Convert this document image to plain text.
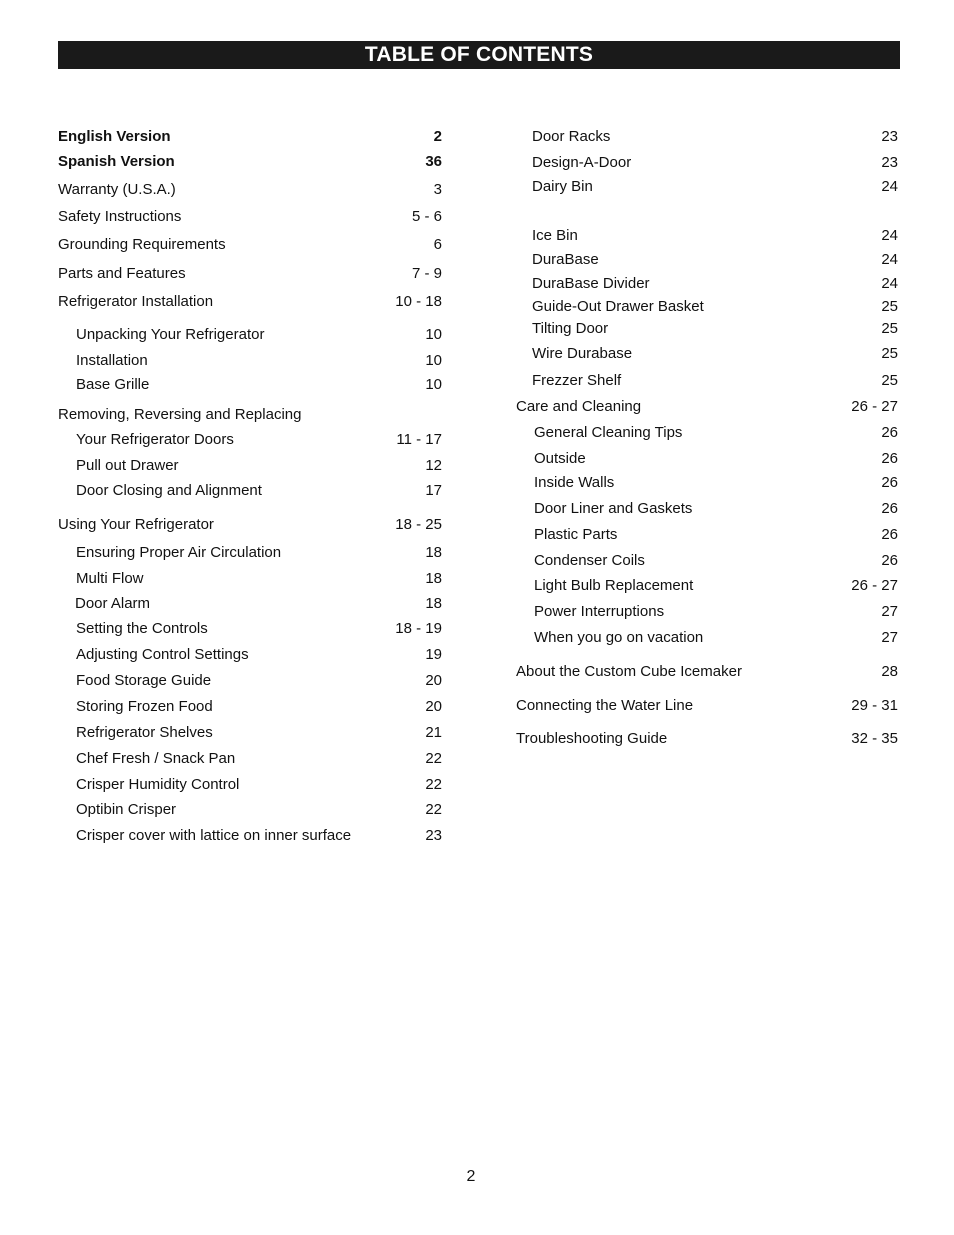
TABLE OF CONTENTS
English Version	2
Spanish Version	36
Warranty (U.S.A.)	3
Safety Instructions	5 - 6
Grounding Requirements	6
Parts and Features	7 - 9
Refrigerator Installation	10 - 18
Unpacking Your Refrigerator	10
Installation	10
Base Grille	10
Removing, Reversing and Replacing
Your Refrigerator Doors	11 - 17
Pull out Drawer	12
Door Closing and Alignment	17
Using Your Refrigerator	18 - 25
Ensuring Proper Air Circulation	18
Multi Flow	18
Door Alarm	18
Setting the Controls	18 - 19
Adjusting Control Settings	19
Food Storage Guide	20
Storing Frozen Food	20
Refrigerator Shelves	21
Chef Fresh / Snack Pan	22
Crisper Humidity Control	22
Optibin Crisper	22
Crisper cover with lattice on inner surface	23
Door Racks	23
Design-A-Door	23
Dairy Bin	24
Ice Bin	24
DuraBase	24
DuraBase Divider	24
Guide-Out Drawer Basket	25
Tilting Door	25
Wire Durabase	25
Frezzer Shelf	25
Care and Cleaning	26 - 27
General Cleaning Tips	26
Outside	26
Inside Walls	26
Door Liner and Gaskets	26
Plastic Parts	26
Condenser Coils	26
Light Bulb Replacement	26 - 27
Power Interruptions	27
When you go on vacation	27
About the Custom Cube Icemaker	28
Connecting the Water Line	29 - 31
Troubleshooting Guide	32 - 35
2
